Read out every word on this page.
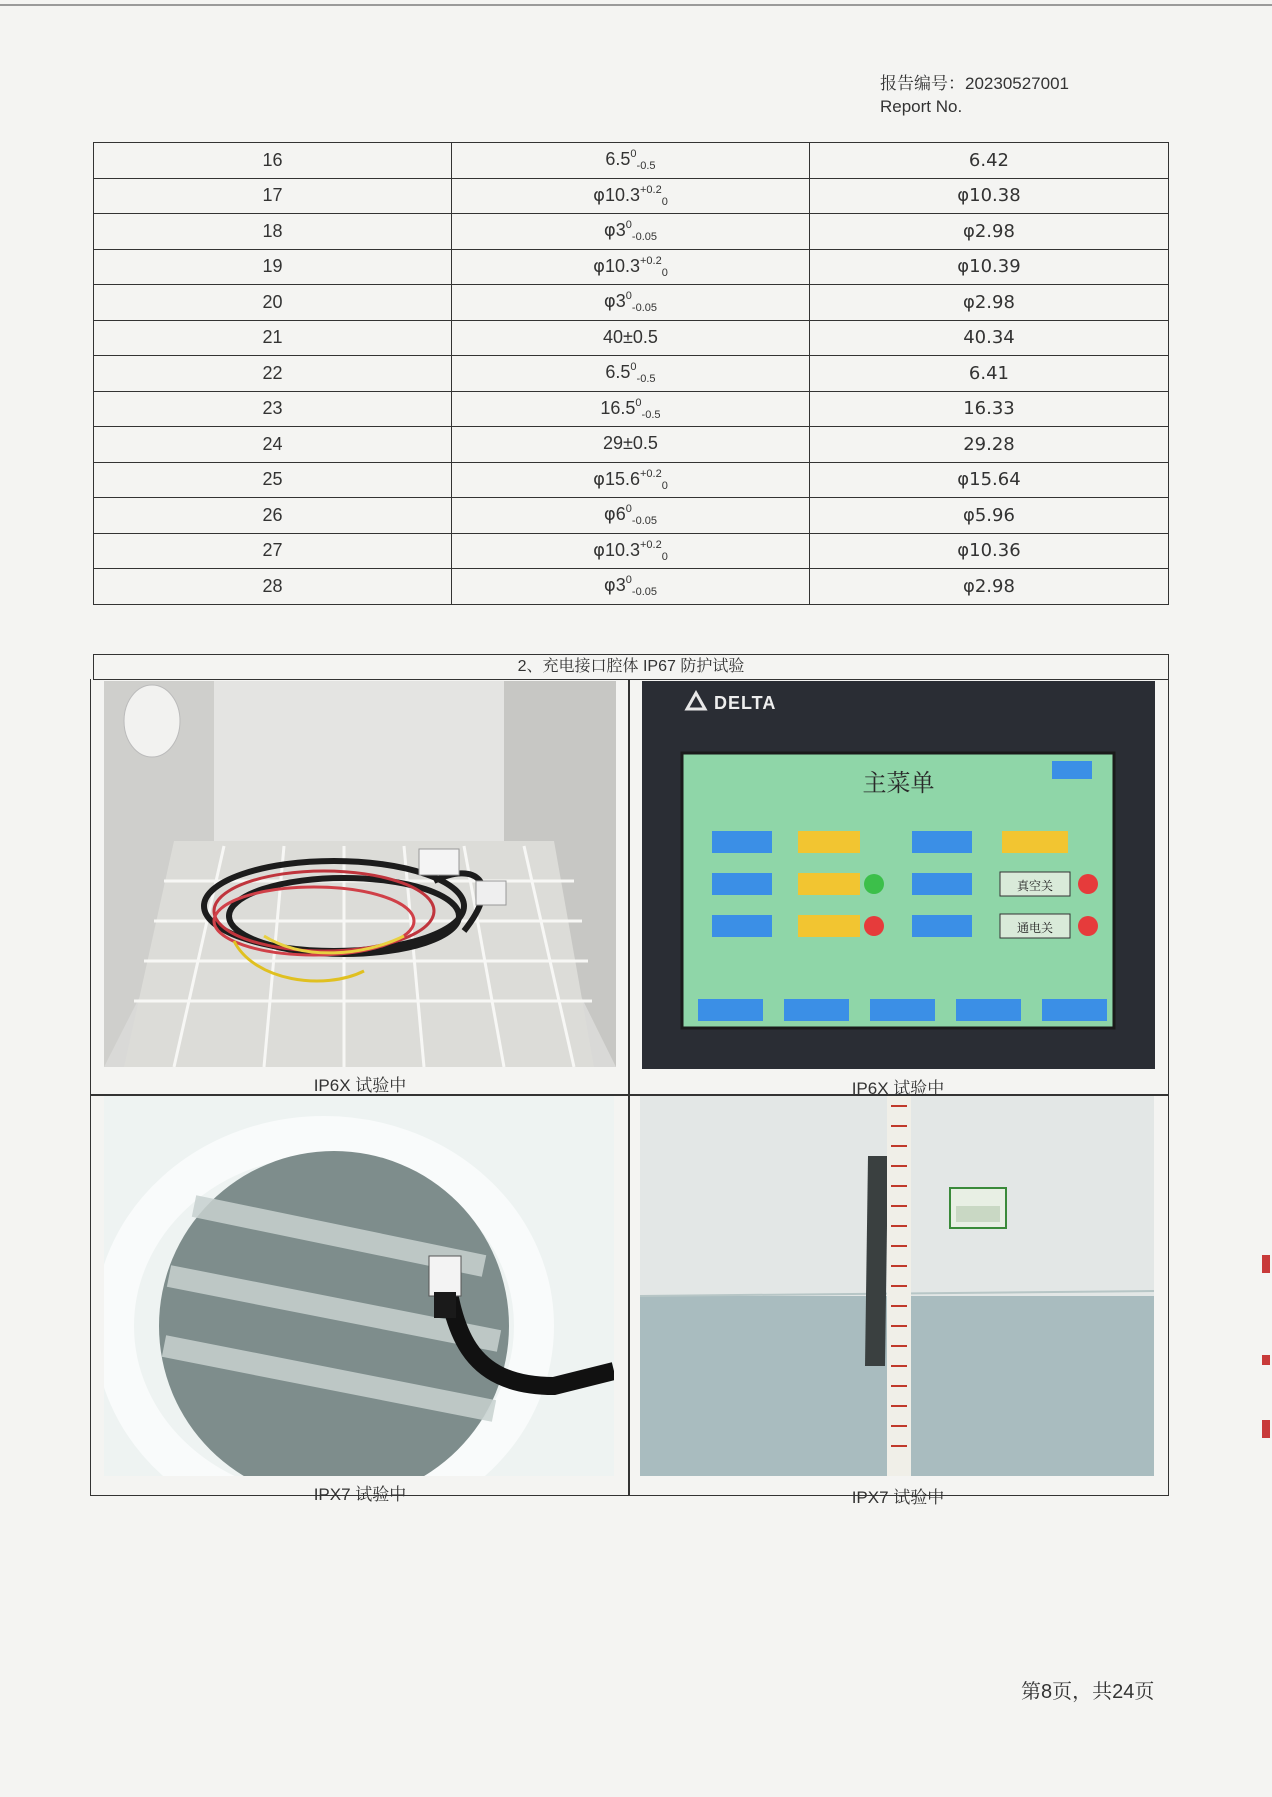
报告编号：20230527001
Report No.
16	$6.5^0_{-0.5}$	6.42
17	$\varphi 10.3^{+0.2}_0$	φ10.38
18	$\varphi 3^0_{-0.05}$	φ2.98
19	$\varphi 10.3^{+0.2}_0$	φ10.39
20	$\varphi 3^0_{-0.05}$	φ2.98
21	40±0.5	40.34
22	$6.5^0_{-0.5}$	6.41
23	$16.5^0_{-0.5}$	16.33
24	29±0.5	29.28
25	$\varphi 15.6^{+0.2}_0$	φ15.64
26	$\varphi 6^0_{-0.05}$	φ5.96
27	$\varphi 10.3^{+0.2}_0$	φ10.36
28	$\varphi 3^0_{-0.05}$	φ2.98
2、充电接口腔体 IP67 防护试验
DELTA
主菜单
真空关
通电关
IP6X 试验中	IP6X 试验中
IPX7 试验中	IPX7 试验中
第8页，共24页
